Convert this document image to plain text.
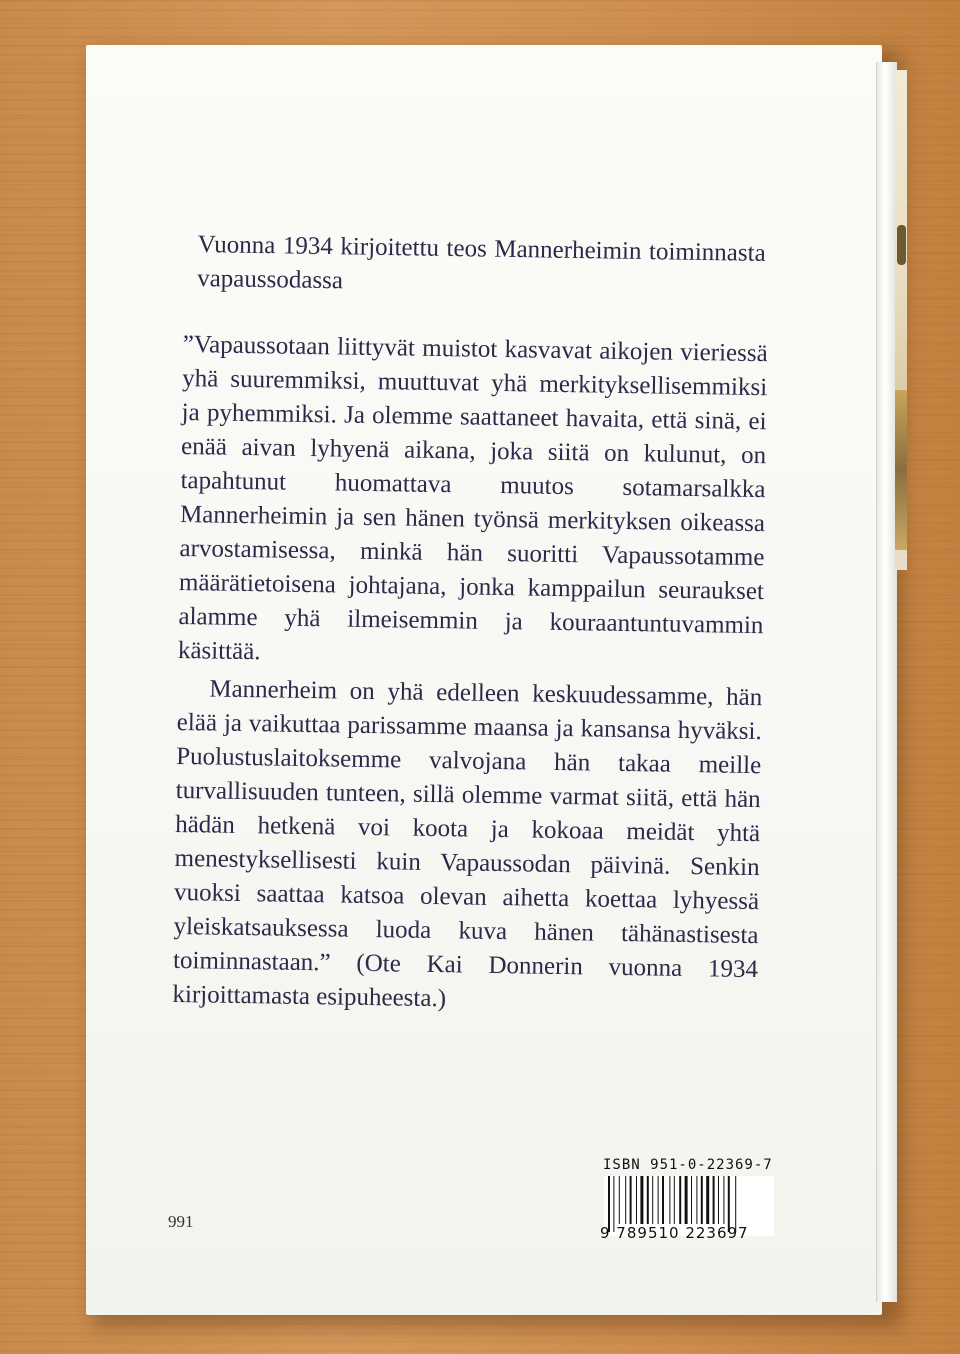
Vuonna 1934 kirjoitettu teos Mannerheimin toiminnasta vapaussodassa

”Vapaussotaan liittyvät muistot kasvavat aikojen vieriessä yhä suuremmiksi, muuttuvat yhä merkityksellisemmiksi ja pyhemmiksi. Ja olemme saattaneet havaita, että sinä, ei enää aivan lyhyenä aikana, joka siitä on kulunut, on tapahtunut huomattava muutos sotamarsalkka Mannerheimin ja sen hänen työnsä merkityksen oikeassa arvostamisessa, minkä hän suoritti Vapaussotamme määrätietoisena johtajana, jonka kamppailun seuraukset alamme yhä ilmeisemmin ja kouraantuntuvammin käsittää.

Mannerheim on yhä edelleen keskuudessamme, hän elää ja vaikuttaa parissamme maansa ja kansansa hyväksi. Puolustuslaitoksemme valvojana hän takaa meille turvallisuuden tunteen, sillä olemme varmat siitä, että hän hädän hetkenä voi koota ja kokoaa meidät yhtä menestyksellisesti kuin Vapaussodan päivinä. Senkin vuoksi saattaa katsoa olevan aihetta koettaa lyhyessä yleiskatsauksessa luoda kuva hänen tähänastisesta toiminnastaan.” (Ote Kai Donnerin vuonna 1934 kirjoittamasta esipuheesta.)

991
ISBN 951-0-22369-7
9 789510 223697
